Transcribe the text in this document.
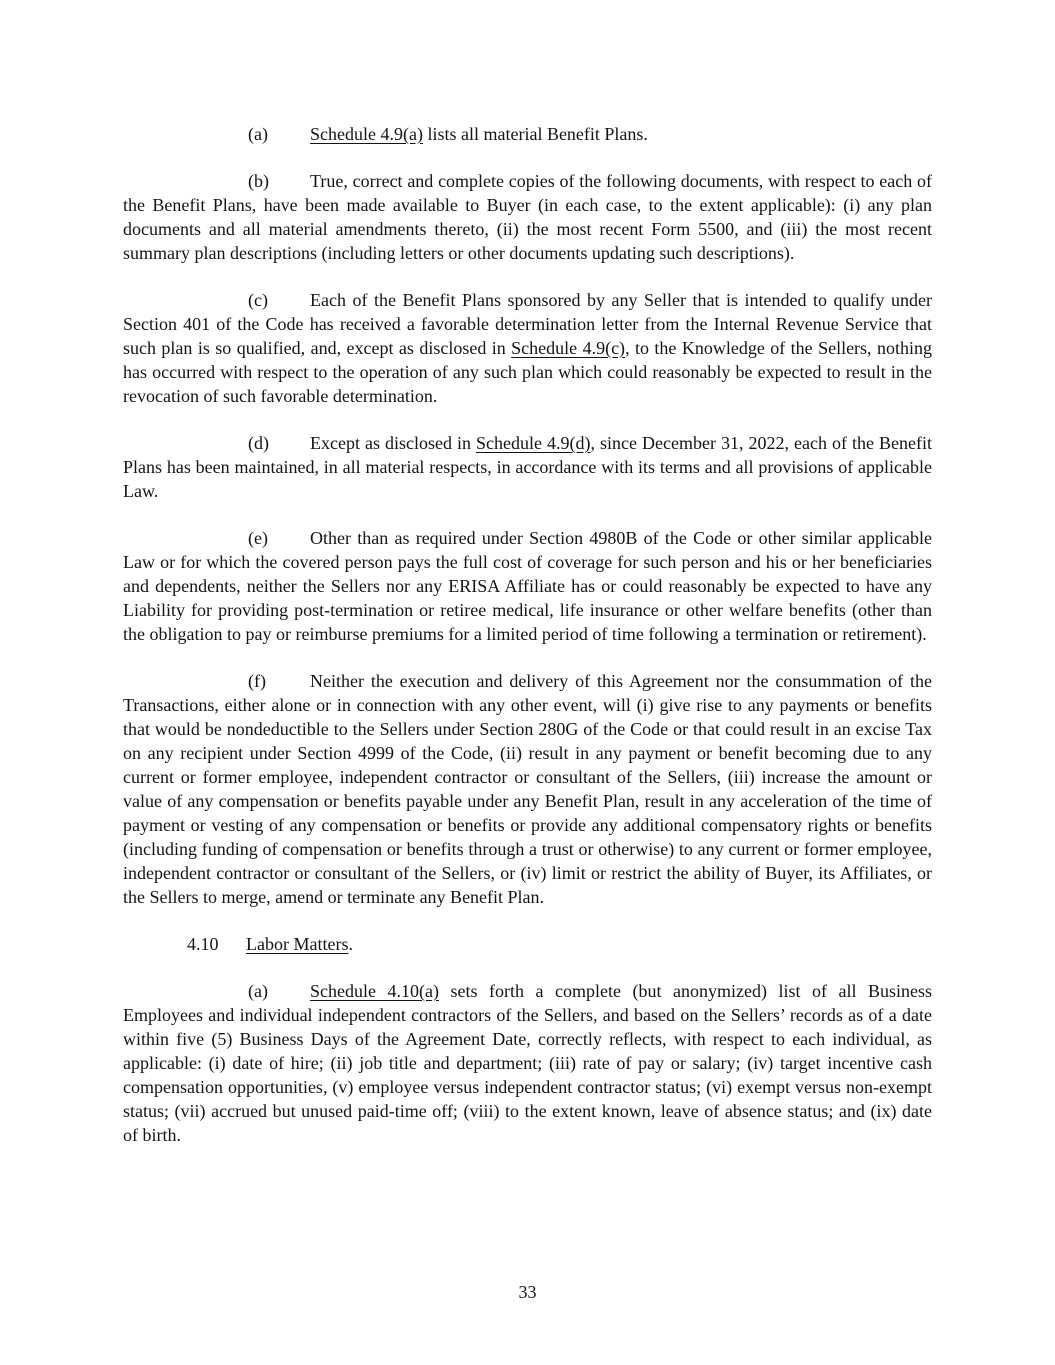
(a) Schedule 4.9(a) lists all material Benefit Plans.

(b) True, correct and complete copies of the following documents, with respect to each of the Benefit Plans, have been made available to Buyer (in each case, to the extent applicable): (i) any plan documents and all material amendments thereto, (ii) the most recent Form 5500, and (iii) the most recent summary plan descriptions (including letters or other documents updating such descriptions).

(c) Each of the Benefit Plans sponsored by any Seller that is intended to qualify under Section 401 of the Code has received a favorable determination letter from the Internal Revenue Service that such plan is so qualified, and, except as disclosed in Schedule 4.9(c), to the Knowledge of the Sellers, nothing has occurred with respect to the operation of any such plan which could reasonably be expected to result in the revocation of such favorable determination.

(d) Except as disclosed in Schedule 4.9(d), since December 31, 2022, each of the Benefit Plans has been maintained, in all material respects, in accordance with its terms and all provisions of applicable Law.

(e) Other than as required under Section 4980B of the Code or other similar applicable Law or for which the covered person pays the full cost of coverage for such person and his or her beneficiaries and dependents, neither the Sellers nor any ERISA Affiliate has or could reasonably be expected to have any Liability for providing post-termination or retiree medical, life insurance or other welfare benefits (other than the obligation to pay or reimburse premiums for a limited period of time following a termination or retirement).

(f) Neither the execution and delivery of this Agreement nor the consummation of the Transactions, either alone or in connection with any other event, will (i) give rise to any payments or benefits that would be nondeductible to the Sellers under Section 280G of the Code or that could result in an excise Tax on any recipient under Section 4999 of the Code, (ii) result in any payment or benefit becoming due to any current or former employee, independent contractor or consultant of the Sellers, (iii) increase the amount or value of any compensation or benefits payable under any Benefit Plan, result in any acceleration of the time of payment or vesting of any compensation or benefits or provide any additional compensatory rights or benefits (including funding of compensation or benefits through a trust or otherwise) to any current or former employee, independent contractor or consultant of the Sellers, or (iv) limit or restrict the ability of Buyer, its Affiliates, or the Sellers to merge, amend or terminate any Benefit Plan.

4.10 Labor Matters.

(a) Schedule 4.10(a) sets forth a complete (but anonymized) list of all Business Employees and individual independent contractors of the Sellers, and based on the Sellers’ records as of a date within five (5) Business Days of the Agreement Date, correctly reflects, with respect to each individual, as applicable: (i) date of hire; (ii) job title and department; (iii) rate of pay or salary; (iv) target incentive cash compensation opportunities, (v) employee versus independent contractor status; (vi) exempt versus non-exempt status; (vii) accrued but unused paid-time off; (viii) to the extent known, leave of absence status; and (ix) date of birth.

33
